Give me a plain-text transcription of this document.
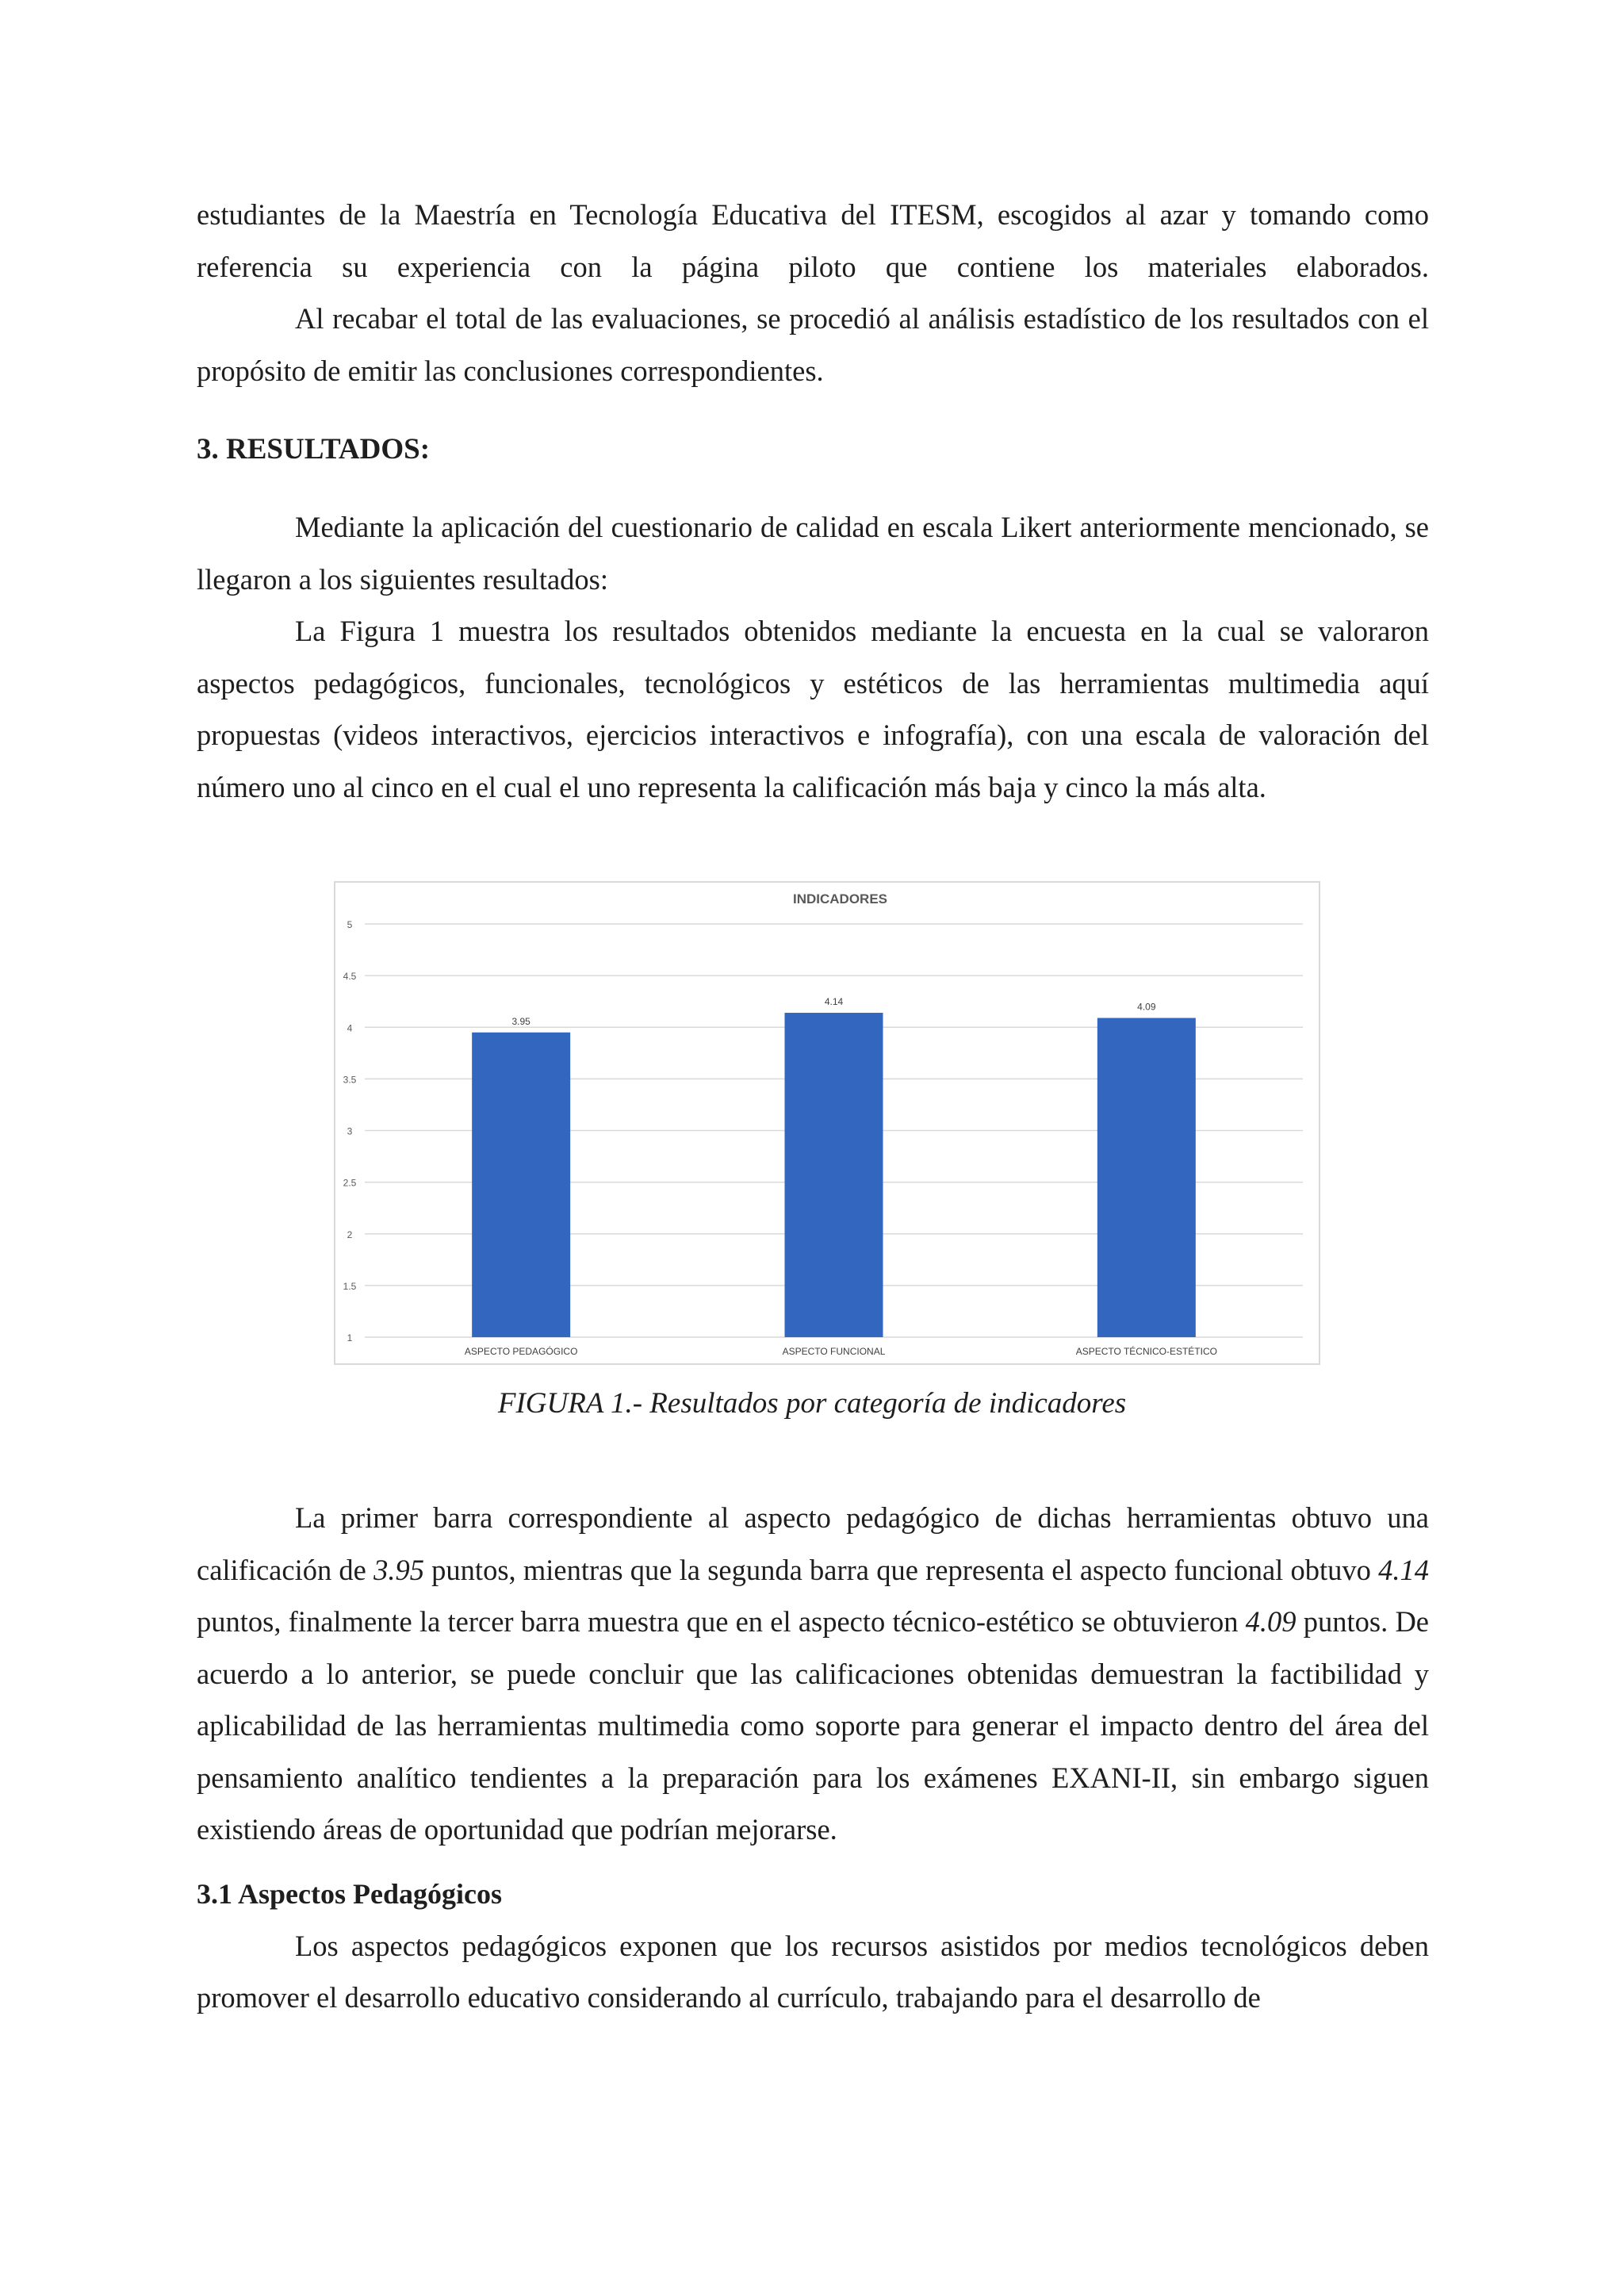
estudiantes de la Maestría en Tecnología Educativa del ITESM, escogidos al azar y tomando como

referencia su experiencia con la página piloto que contiene los materiales elaborados.

Al recabar el total de las evaluaciones, se procedió al análisis estadístico de los resultados con el propósito de emitir las conclusiones correspondientes.

3. RESULTADOS:

Mediante la aplicación del cuestionario de calidad en escala Likert anteriormente mencionado, se llegaron a los siguientes resultados:

La Figura 1 muestra los resultados obtenidos mediante la encuesta en la cual se valoraron aspectos pedagógicos, funcionales, tecnológicos y estéticos de las herramientas multimedia aquí propuestas (videos interactivos, ejercicios interactivos e infografía), con una escala de valoración del número uno al cinco en el cual el uno representa la calificación más baja y cinco la más alta.

INDICADORES
1
1.5
2
2.5
3
3.5
4
4.5
5
3.95
ASPECTO PEDAGÓGICO
4.14
ASPECTO FUNCIONAL
4.09
ASPECTO TÉCNICO-ESTÉTICO
FIGURA 1.- Resultados por categoría de indicadores

La primer barra correspondiente al aspecto pedagógico de dichas herramientas obtuvo una calificación de 3.95 puntos, mientras que la segunda barra que representa el aspecto funcional obtuvo 4.14 puntos, finalmente la tercer barra muestra que en el aspecto técnico-estético se obtuvieron 4.09 puntos. De acuerdo a lo anterior, se puede concluir que las calificaciones obtenidas demuestran la factibilidad y aplicabilidad de las herramientas multimedia como soporte para generar el impacto dentro del área del pensamiento analítico tendientes a la preparación para los exámenes EXANI-II, sin embargo siguen existiendo áreas de oportunidad que podrían mejorarse.

3.1 Aspectos Pedagógicos

Los aspectos pedagógicos exponen que los recursos asistidos por medios tecnológicos deben promover el desarrollo educativo considerando al currículo, trabajando para el desarrollo de
